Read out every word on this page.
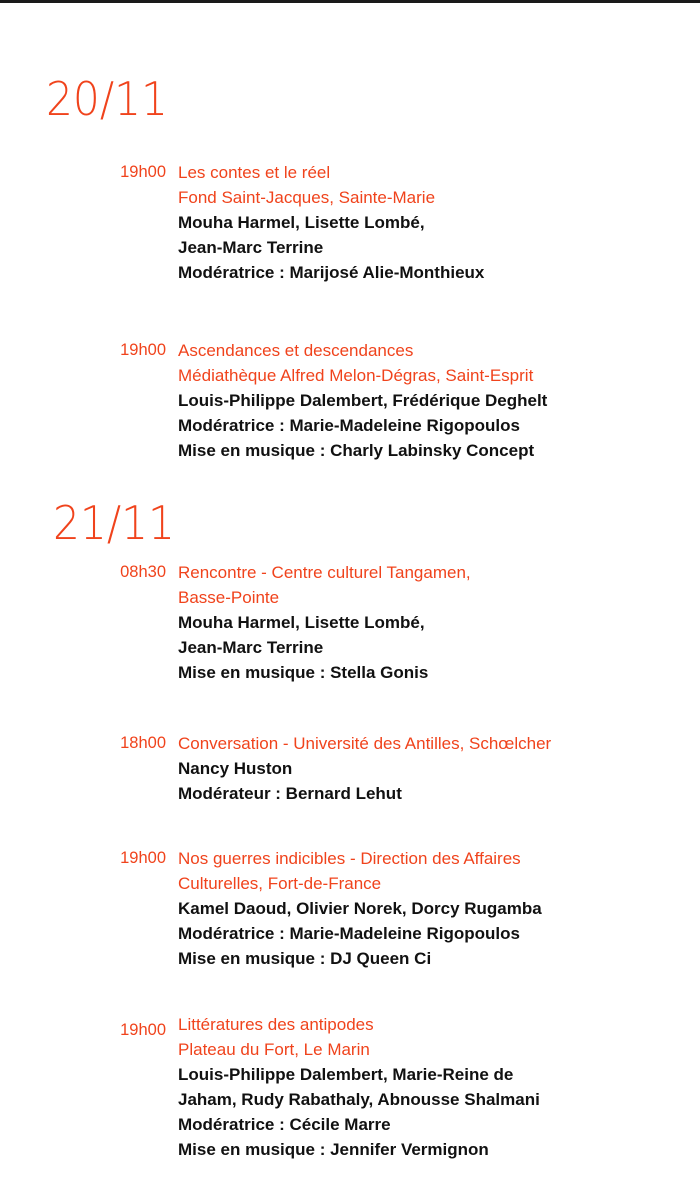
20/11
19h00 Les contes et le réel
Fond Saint-Jacques, Sainte-Marie
Mouha Harmel, Lisette Lombé,
Jean-Marc Terrine
Modératrice : Marijosé Alie-Monthieux
19h00 Ascendances et descendances
Médiathèque Alfred Melon-Dégras, Saint-Esprit
Louis-Philippe Dalembert, Frédérique Deghelt
Modératrice : Marie-Madeleine Rigopoulos
Mise en musique : Charly Labinsky Concept
21/11
08h30 Rencontre - Centre culturel Tangamen,
Basse-Pointe
Mouha Harmel, Lisette Lombé,
Jean-Marc Terrine
Mise en musique : Stella Gonis
18h00 Conversation - Université des Antilles, Schœlcher
Nancy Huston
Modérateur : Bernard Lehut
19h00 Nos guerres indicibles - Direction des Affaires
Culturelles, Fort-de-France
Kamel Daoud, Olivier Norek, Dorcy Rugamba
Modératrice : Marie-Madeleine Rigopoulos
Mise en musique : DJ Queen Ci
19h00 Littératures des antipodes
Plateau du Fort, Le Marin
Louis-Philippe Dalembert, Marie-Reine de
Jaham, Rudy Rabathaly, Abnousse Shalmani
Modératrice : Cécile Marre
Mise en musique : Jennifer Vermignon
